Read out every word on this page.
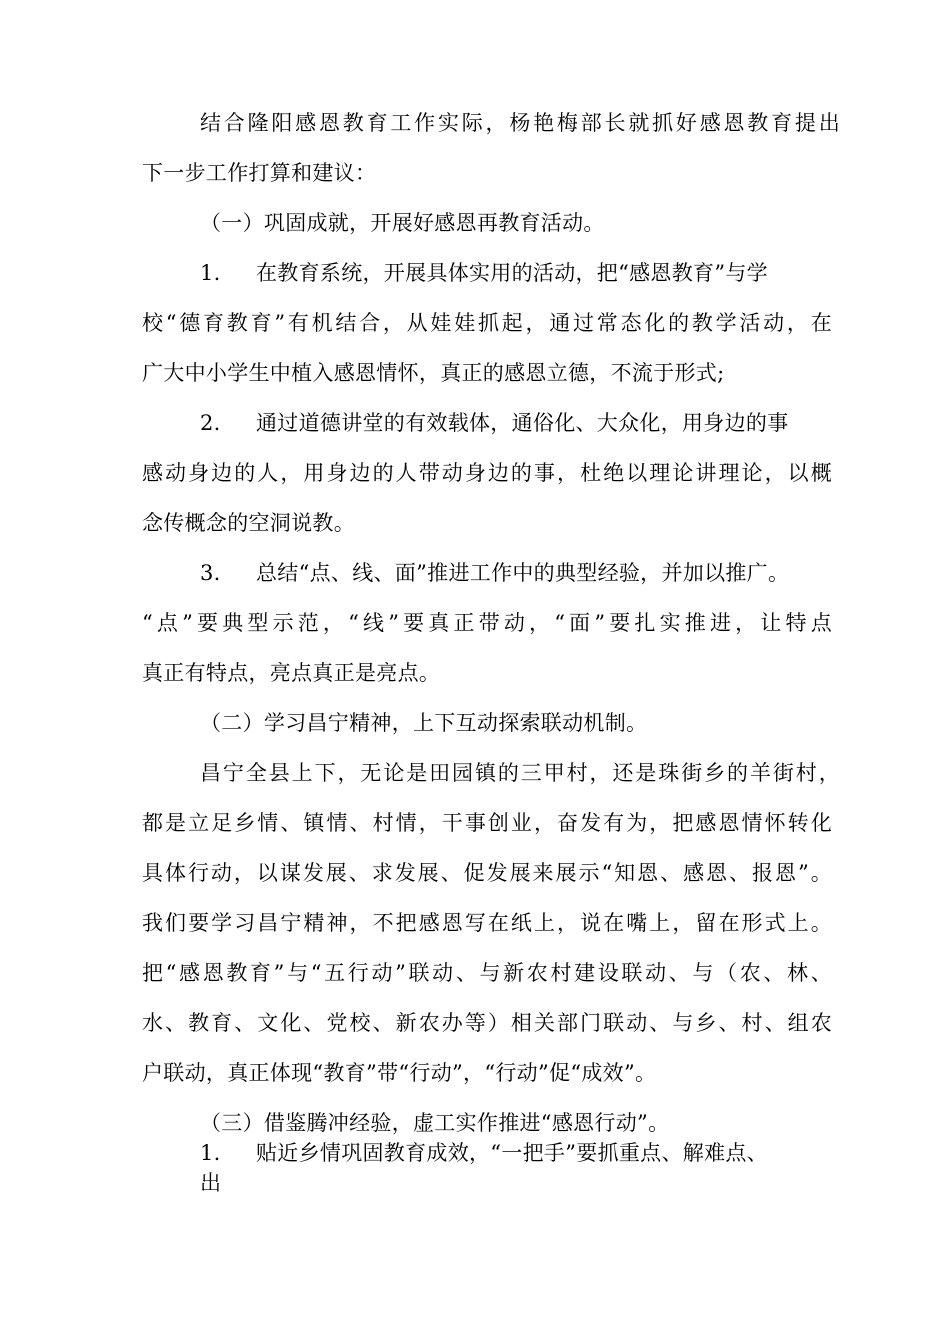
结合隆阳感恩教育工作实际，杨艳梅部长就抓好感恩教育提出
下一步工作打算和建议：
（一）巩固成就，开展好感恩再教育活动。
1. 在教育系统，开展具体实用的活动，把“感恩教育”与学
校“德育教育”有机结合，从娃娃抓起，通过常态化的教学活动，在
广大中小学生中植入感恩情怀，真正的感恩立德，不流于形式;
2. 通过道德讲堂的有效载体，通俗化、大众化，用身边的事
感动身边的人，用身边的人带动身边的事，杜绝以理论讲理论，以概
念传概念的空洞说教。
3. 总结“点、线、面”推进工作中的典型经验，并加以推广。
“点”要典型示范，“线”要真正带动，“面”要扎实推进，让特点
真正有特点，亮点真正是亮点。
（二）学习昌宁精神，上下互动探索联动机制。
昌宁全县上下，无论是田园镇的三甲村，还是珠街乡的羊街村，
都是立足乡情、镇情、村情，干事创业，奋发有为，把感恩情怀转化
具体行动，以谋发展、求发展、促发展来展示“知恩、感恩、报恩”。
我们要学习昌宁精神，不把感恩写在纸上，说在嘴上，留在形式上。
把“感恩教育”与“五行动”联动、与新农村建设联动、与（农、林、
水、教育、文化、党校、新农办等）相关部门联动、与乡、村、组农
户联动，真正体现“教育”带“行动”，“行动”促“成效”。
（三）借鉴腾冲经验，虚工实作推进“感恩行动”。
1. 贴近乡情巩固教育成效，“一把手”要抓重点、解难点、
出
